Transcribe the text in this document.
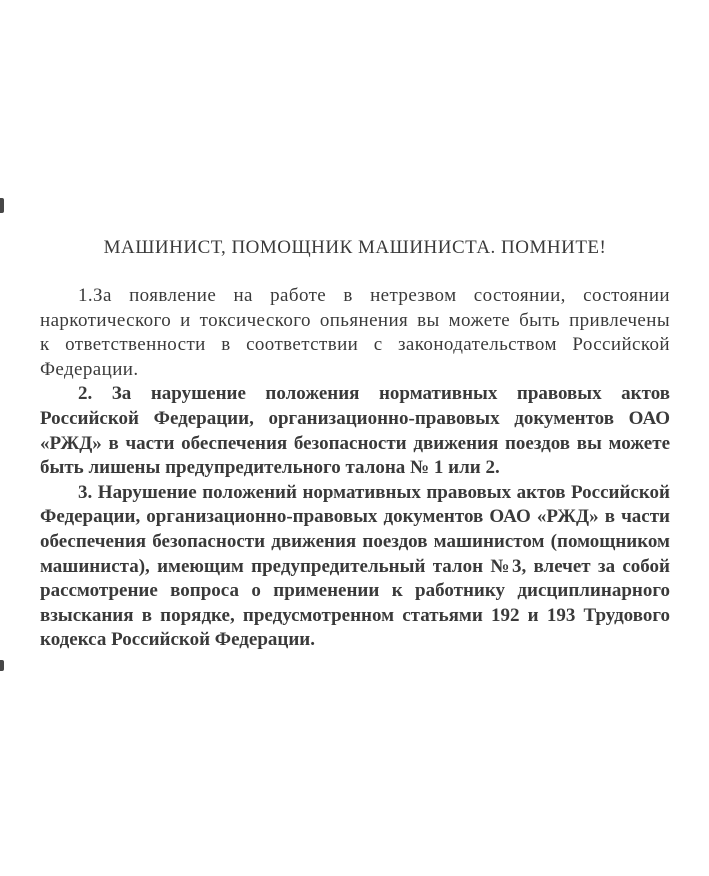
МАШИНИСТ, ПОМОЩНИК МАШИНИСТА. ПОМНИТЕ!

1.За появление на работе в нетрезвом состоянии, состоянии наркотического и токсического опьянения вы можете быть привлечены к ответственности в соответствии с законодательством Российской Федерации.

2. За нарушение положения нормативных правовых актов Российской Федерации, организационно-правовых документов ОАО «РЖД» в части обеспечения безопасности движения поездов вы можете быть лишены предупредительного талона № 1 или 2.

3. Нарушение положений нормативных правовых актов Российской Федерации, организационно-правовых документов ОАО «РЖД» в части обеспечения безопасности движения поездов машинистом (помощником машиниста), имеющим предупредительный талон №3, влечет за собой рассмотрение вопроса о применении к работнику дисциплинарного взыскания в порядке, предусмотренном статьями 192 и 193 Трудового кодекса Российской Федерации.
